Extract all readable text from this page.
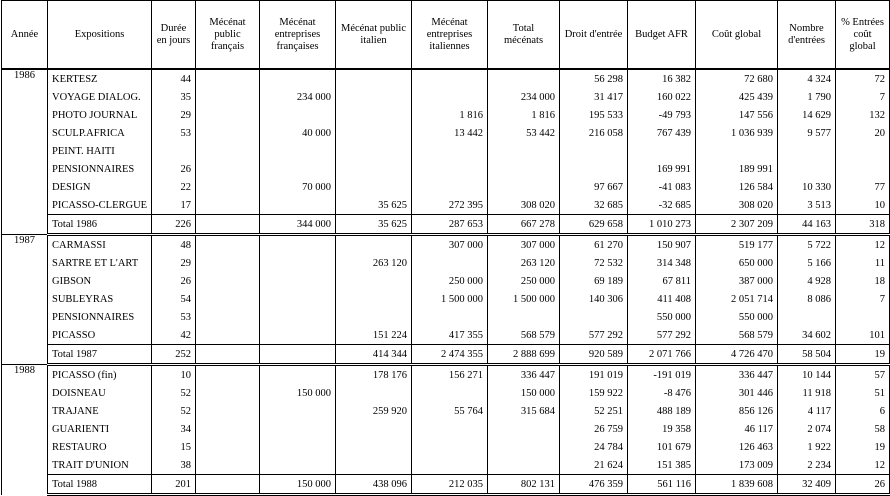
Année	Expositions	Durée en jours	Mécénat public français	Mécénat entreprises françaises	Mécénat public italien	Mécénat entreprises italiennes	Total mécénats	Droit d'entrée	Budget AFR	Coût global	Nombre d'entrées	% Entrées coût global
1986	KERTESZ	44						56 298	16 382	72 680	4 324	72
	VOYAGE DIALOG.	35		234 000			234 000	31 417	160 022	425 439	1 790	7
	PHOTO JOURNAL	29				1 816	1 816	195 533	-49 793	147 556	14 629	132
	SCULP.AFRICA	53		40 000		13 442	53 442	216 058	767 439	1 036 939	9 577	20
	PEINT. HAITI											
	PENSIONNAIRES	26							169 991	189 991		
	DESIGN	22		70 000				97 667	-41 083	126 584	10 330	77
	PICASSO-CLERGUE	17			35 625	272 395	308 020	32 685	-32 685	308 020	3 513	10
	Total 1986	226		344 000	35 625	287 653	667 278	629 658	1 010 273	2 307 209	44 163	318
1987	CARMASSI	48				307 000	307 000	61 270	150 907	519 177	5 722	12
	SARTRE ET L'ART	29			263 120		263 120	72 532	314 348	650 000	5 166	11
	GIBSON	26				250 000	250 000	69 189	67 811	387 000	4 928	18
	SUBLEYRAS	54				1 500 000	1 500 000	140 306	411 408	2 051 714	8 086	7
	PENSIONNAIRES	53							550 000	550 000		
	PICASSO	42			151 224	417 355	568 579	577 292	577 292	568 579	34 602	101
	Total 1987	252			414 344	2 474 355	2 888 699	920 589	2 071 766	4 726 470	58 504	19
1988	PICASSO (fin)	10			178 176	156 271	336 447	191 019	-191 019	336 447	10 144	57
	DOISNEAU	52		150 000			150 000	159 922	-8 476	301 446	11 918	51
	TRAJANE	52			259 920	55 764	315 684	52 251	488 189	856 126	4 117	6
	GUARIENTI	34						26 759	19 358	46 117	2 074	58
	RESTAURO	15						24 784	101 679	126 463	1 922	19
	TRAIT D'UNION	38						21 624	151 385	173 009	2 234	12
	Total 1988	201		150 000	438 096	212 035	802 131	476 359	561 116	1 839 608	32 409	26
